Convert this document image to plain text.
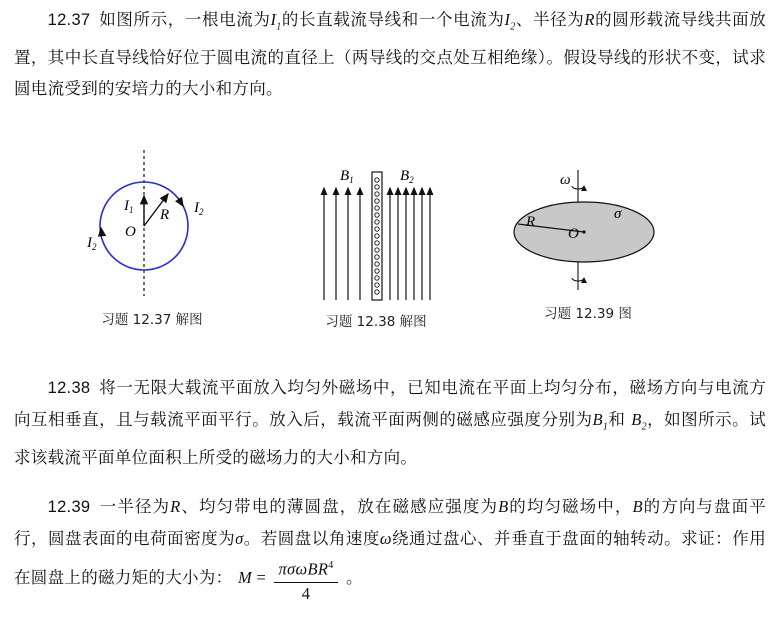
  12.37  如图所示，一根电流为$I_1$的长直载流导线和一个电流为$I_2$、半径为R的圆形载流导线共面放置，其中长直导线恰好位于圆电流的直径上（两导线的交点处互相绝缘）。假设导线的形状不变，试求圆电流受到的安培力的大小和方向。
$I_1$ R $I_2$
O
$I_2$
习题 12.37 解图
$B_1$	$B_2$
习题 12.38 解图
ω
σ
R
O
习题 12.39 图
  12.38  将一无限大载流平面放入均匀外磁场中，已知电流在平面上均匀分布，磁场方向与电流方向互相垂直，且与载流平面平行。放入后，载流平面两侧的磁感应强度分别为$B_1$和 $B_2$，如图所示。试求该载流平面单位面积上所受的磁场力的大小和方向。
  12.39  一半径为R、均匀带电的薄圆盘，放在磁感应强度为B的均匀磁场中，B的方向与盘面平行，圆盘表面的电荷面密度为σ。若圆盘以角速度ω绕通过盘心、并垂直于盘面的轴转动。求证：作用在圆盘上的磁力矩的大小为： $M = \frac{\pi\sigma\omega BR^4}{4}$ 。
